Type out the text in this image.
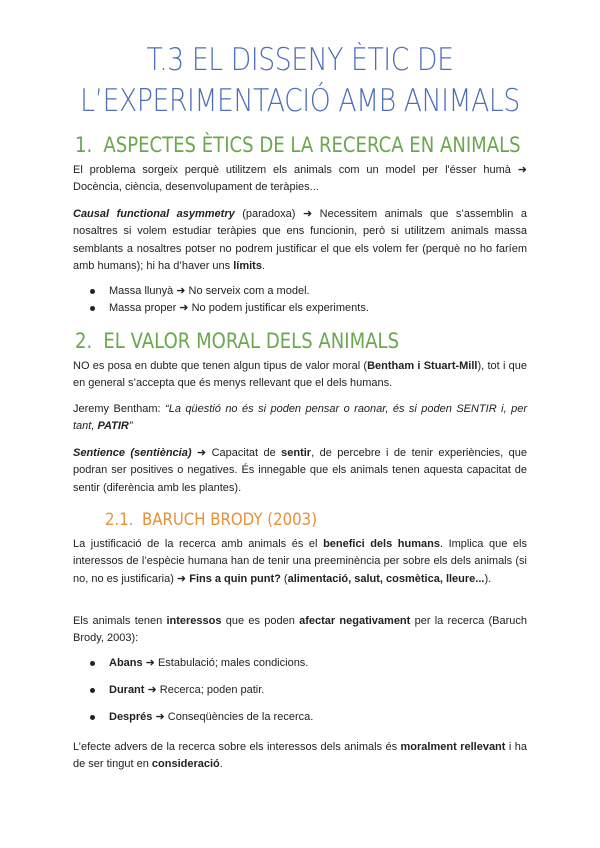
T.3 EL DISSENY ÈTIC DE
L’EXPERIMENTACIÓ AMB ANIMALS
1. ASPECTES ÈTICS DE LA RECERCA EN ANIMALS
El problema sorgeix perquè utilitzem els animals com un model per l'ésser humà ➜ Docència, ciència, desenvolupament de teràpies...
Causal functional asymmetry (paradoxa) ➜ Necessitem animals que s’assemblin a nosaltres si volem estudiar teràpies que ens funcionin, però si utilitzem animals massa semblants a nosaltres potser no podrem justificar el que els volem fer (perquè no ho faríem amb humans); hi ha d’haver uns límits.
Massa llunyà ➜ No serveix com a model.
Massa proper ➜ No podem justificar els experiments.
2. EL VALOR MORAL DELS ANIMALS
NO es posa en dubte que tenen algun tipus de valor moral (Bentham i Stuart-Mill), tot i que en general s’accepta que és menys rellevant que el dels humans.
Jeremy Bentham: “La qüestió no és si poden pensar o raonar, és si poden SENTIR i, per tant, PATIR”
Sentience (sentiència) ➜ Capacitat de sentir, de percebre i de tenir experiències, que podran ser positives o negatives. És innegable que els animals tenen aquesta capacitat de sentir (diferència amb les plantes).
2.1. BARUCH BRODY (2003)
La justificació de la recerca amb animals és el benefici dels humans. Implica que els interessos de l’espècie humana han de tenir una preeminència per sobre els dels animals (si no, no es justificaria) ➜ Fins a quin punt? (alimentació, salut, cosmètica, lleure...).
Els animals tenen interessos que es poden afectar negativament per la recerca (Baruch Brody, 2003):
Abans ➜ Estabulació; males condicions.
Durant ➜ Recerca; poden patir.
Després ➜ Conseqüències de la recerca.
L’efecte advers de la recerca sobre els interessos dels animals és moralment rellevant i ha de ser tingut en consideració.
